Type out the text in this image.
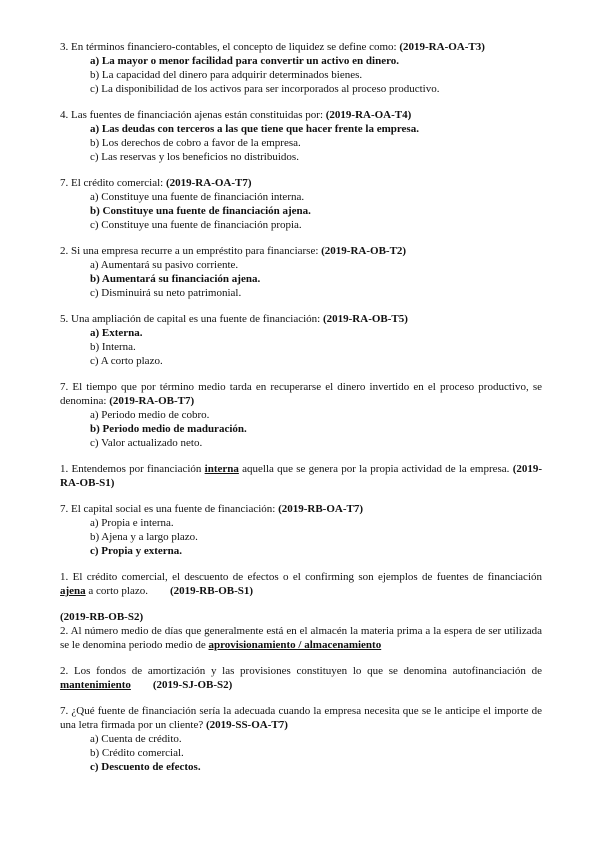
3. En términos financiero-contables, el concepto de liquidez se define como: (2019-RA-OA-T3)
a) La mayor o menor facilidad para convertir un activo en dinero.
b) La capacidad del dinero para adquirir determinados bienes.
c) La disponibilidad de los activos para ser incorporados al proceso productivo.
4. Las fuentes de financiación ajenas están constituidas por: (2019-RA-OA-T4)
a) Las deudas con terceros a las que tiene que hacer frente la empresa.
b) Los derechos de cobro a favor de la empresa.
c) Las reservas y los beneficios no distribuidos.
7. El crédito comercial: (2019-RA-OA-T7)
a) Constituye una fuente de financiación interna.
b) Constituye una fuente de financiación ajena.
c) Constituye una fuente de financiación propia.
2. Si una empresa recurre a un empréstito para financiarse: (2019-RA-OB-T2)
a) Aumentará su pasivo corriente.
b) Aumentará su financiación ajena.
c) Disminuirá su neto patrimonial.
5. Una ampliación de capital es una fuente de financiación: (2019-RA-OB-T5)
a) Externa.
b) Interna.
c) A corto plazo.
7. El tiempo que por término medio tarda en recuperarse el dinero invertido en el proceso productivo, se denomina: (2019-RA-OB-T7)
a) Periodo medio de cobro.
b) Periodo medio de maduración.
c) Valor actualizado neto.
1. Entendemos por financiación interna aquella que se genera por la propia actividad de la empresa. (2019-RA-OB-S1)
7. El capital social es una fuente de financiación: (2019-RB-OA-T7)
a) Propia e interna.
b) Ajena y a largo plazo.
c) Propia y externa.
1. El crédito comercial, el descuento de efectos o el confirming son ejemplos de fuentes de financiación ajena a corto plazo. (2019-RB-OB-S1)
(2019-RB-OB-S2)
2. Al número medio de días que generalmente está en el almacén la materia prima a la espera de ser utilizada se le denomina periodo medio de aprovisionamiento / almacenamiento
2. Los fondos de amortización y las provisiones constituyen lo que se denomina autofinanciación de mantenimiento (2019-SJ-OB-S2)
7. ¿Qué fuente de financiación sería la adecuada cuando la empresa necesita que se le anticipe el importe de una letra firmada por un cliente? (2019-SS-OA-T7)
a) Cuenta de crédito.
b) Crédito comercial.
c) Descuento de efectos.
